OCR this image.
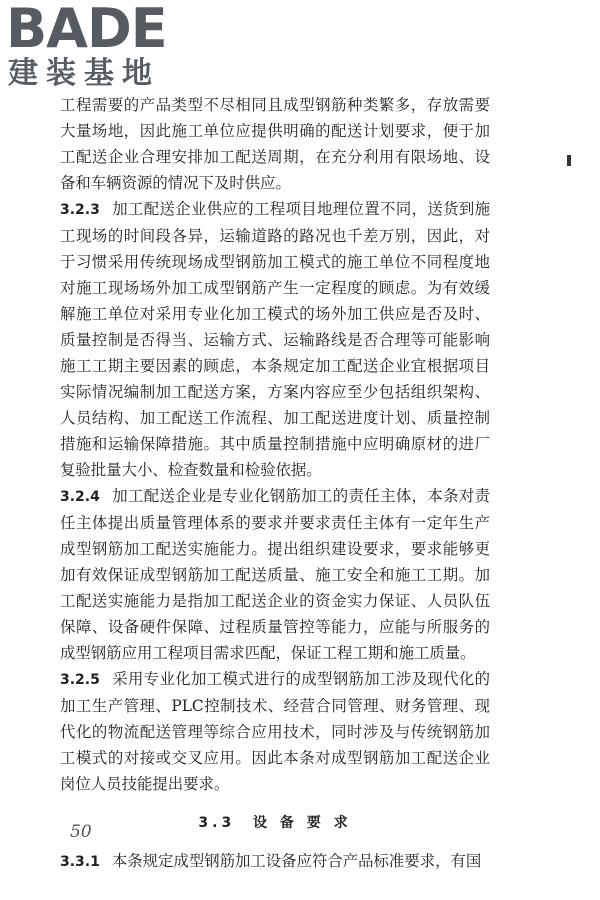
BADE
建装基地

工程需要的产品类型不尽相同且成型钢筋种类繁多，存放需要大量场地，因此施工单位应提供明确的配送计划要求，便于加工配送企业合理安排加工配送周期，在充分利用有限场地、设备和车辆资源的情况下及时供应。

3.2.3 加工配送企业供应的工程项目地理位置不同，送货到施工现场的时间段各异，运输道路的路况也千差万别，因此，对于习惯采用传统现场成型钢筋加工模式的施工单位不同程度地对施工现场场外加工成型钢筋产生一定程度的顾虑。为有效缓解施工单位对采用专业化加工模式的场外加工供应是否及时、质量控制是否得当、运输方式、运输路线是否合理等可能影响施工工期主要因素的顾虑，本条规定加工配送企业宜根据项目实际情况编制加工配送方案，方案内容应至少包括组织架构、人员结构、加工配送工作流程、加工配送进度计划、质量控制措施和运输保障措施。其中质量控制措施中应明确原材的进厂复验批量大小、检查数量和检验依据。

3.2.4 加工配送企业是专业化钢筋加工的责任主体，本条对责任主体提出质量管理体系的要求并要求责任主体有一定年生产成型钢筋加工配送实施能力。提出组织建设要求，要求能够更加有效保证成型钢筋加工配送质量、施工安全和施工工期。加工配送实施能力是指加工配送企业的资金实力保证、人员队伍保障、设备硬件保障、过程质量管控等能力，应能与所服务的成型钢筋应用工程项目需求匹配，保证工程工期和施工质量。

3.2.5 采用专业化加工模式进行的成型钢筋加工涉及现代化的加工生产管理、PLC控制技术、经营合同管理、财务管理、现代化的物流配送管理等综合应用技术，同时涉及与传统钢筋加工模式的对接或交叉应用。因此本条对成型钢筋加工配送企业岗位人员技能提出要求。

3.3 设 备 要 求

3.3.1 本条规定成型钢筋加工设备应符合产品标准要求，有国

50
